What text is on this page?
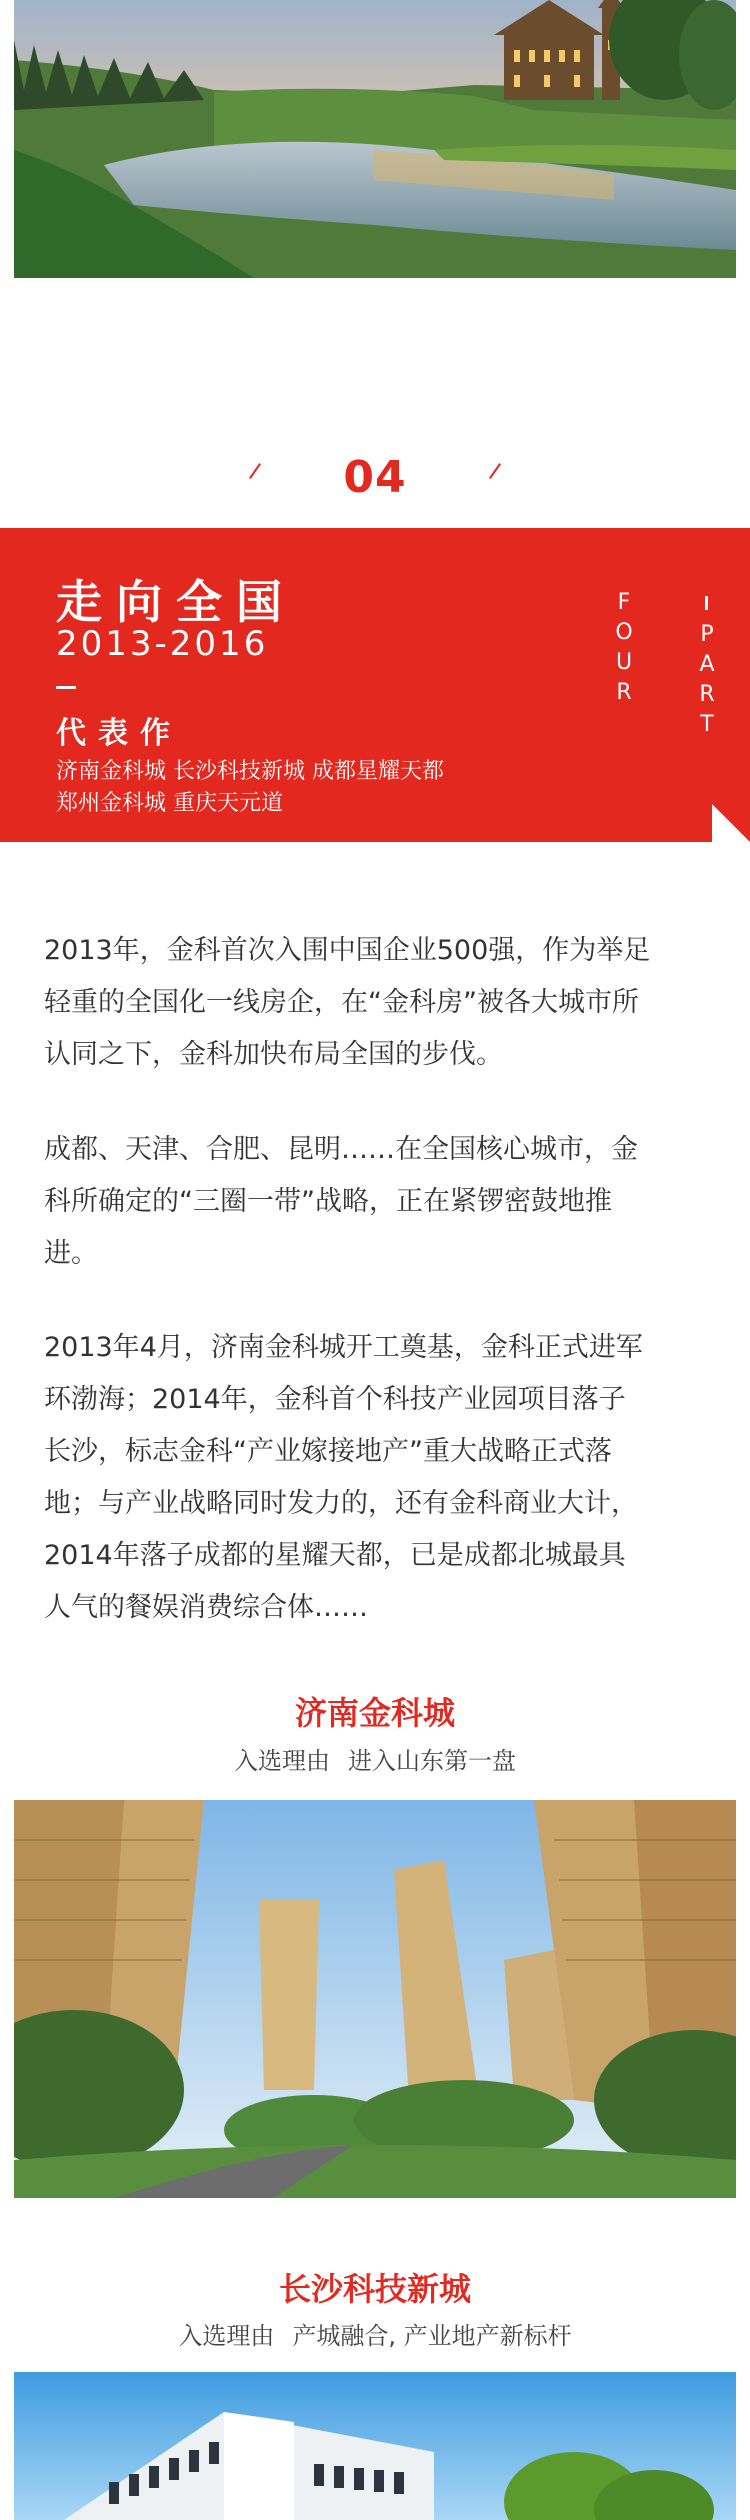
04
走向全国
2013-2016
代表作
济南金科城 长沙科技新城 成都星耀天都
郑州金科城 重庆天元道
P
A
R
T
F
O
U
R
2013年，金科首次入围中国企业500强，作为举足
轻重的全国化一线房企，在“金科房”被各大城市所
认同之下，金科加快布局全国的步伐。
成都、天津、合肥、昆明……在全国核心城市，金
科所确定的“三圈一带”战略，正在紧锣密鼓地推
进。
2013年4月，济南金科城开工奠基，金科正式进军
环渤海；2014年，金科首个科技产业园项目落子
长沙，标志金科“产业嫁接地产”重大战略正式落
地；与产业战略同时发力的，还有金科商业大计，
2014年落子成都的星耀天都，已是成都北城最具
人气的餐娱消费综合体……
济南金科城
入选理由 进入山东第一盘
长沙科技新城
入选理由 产城融合, 产业地产新标杆
